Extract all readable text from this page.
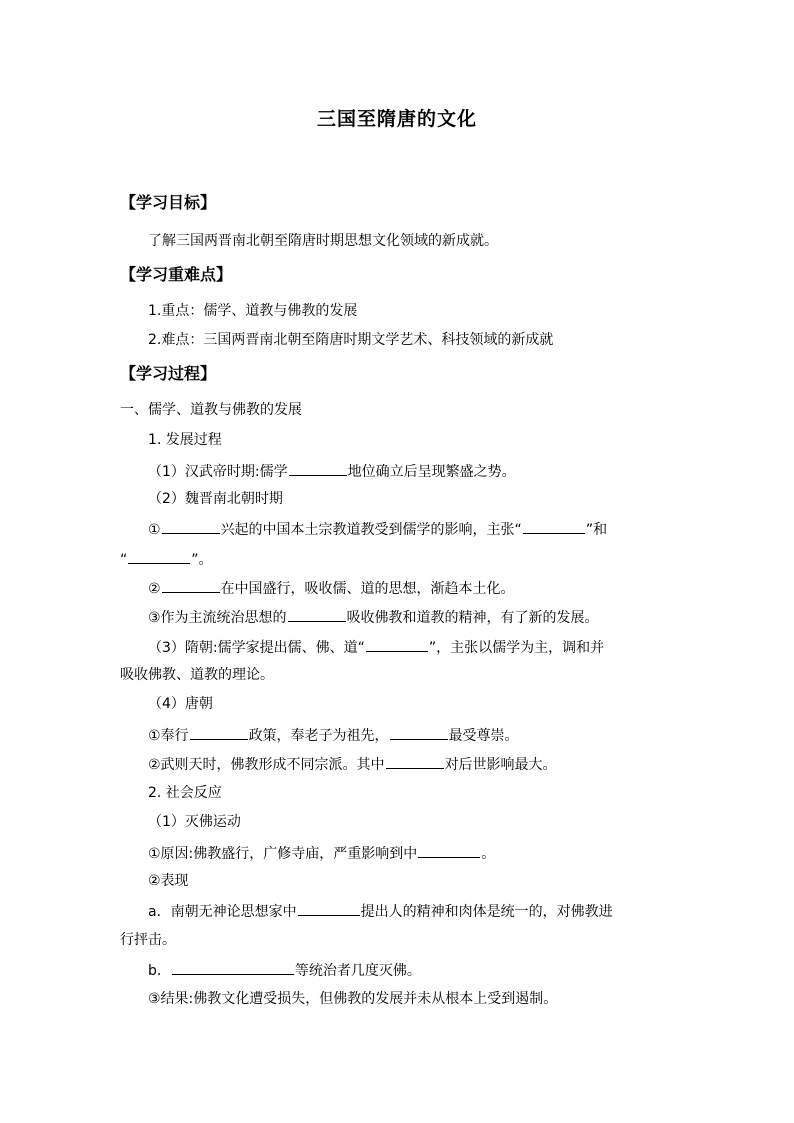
三国至隋唐的文化
【学习目标】
了解三国两晋南北朝至隋唐时期思想文化领域的新成就。
【学习重难点】
1.重点：儒学、道教与佛教的发展
2.难点：三国两晋南北朝至隋唐时期文学艺术、科技领域的新成就
【学习过程】
一、儒学、道教与佛教的发展
1. 发展过程
（1）汉武帝时期:儒学	地位确立后呈现繁盛之势。
（2）魏晋南北朝时期
①	兴起的中国本土宗教道教受到儒学的影响，主张“	”和
“	”。
②	在中国盛行，吸收儒、道的思想，渐趋本土化。
③作为主流统治思想的	吸收佛教和道教的精神，有了新的发展。
（3）隋朝:儒学家提出儒、佛、道“	”，主张以儒学为主，调和并
吸收佛教、道教的理论。
（4）唐朝
①奉行	政策，奉老子为祖先，	最受尊崇。
②武则天时，佛教形成不同宗派。其中	对后世影响最大。
2. 社会反应
（1）灭佛运动
①原因:佛教盛行，广修寺庙，严重影响到中	。
②表现
a．南朝无神论思想家中	提出人的精神和肉体是统一的，对佛教进
行抨击。
b．	等统治者几度灭佛。
③结果:佛教文化遭受损失，但佛教的发展并未从根本上受到遏制。
